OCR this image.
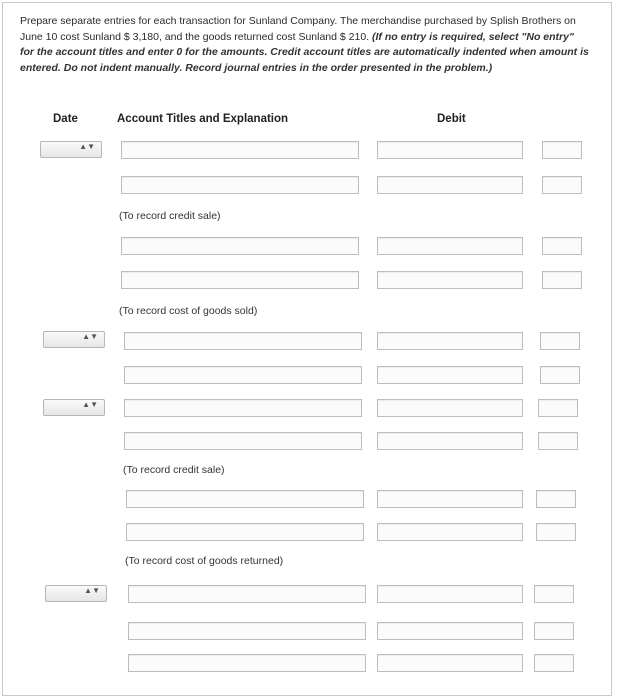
Prepare separate entries for each transaction for Sunland Company. The merchandise purchased by Splish Brothers on June 10 cost Sunland $ 3,180, and the goods returned cost Sunland $ 210. (If no entry is required, select "No entry" for the account titles and enter 0 for the amounts. Credit account titles are automatically indented when amount is entered. Do not indent manually. Record journal entries in the order presented in the problem.)
Date	Account Titles and Explanation	Debit
▲▼
(To record credit sale)
(To record cost of goods sold)
▲▼
▲▼
(To record credit sale)
(To record cost of goods returned)
▲▼
